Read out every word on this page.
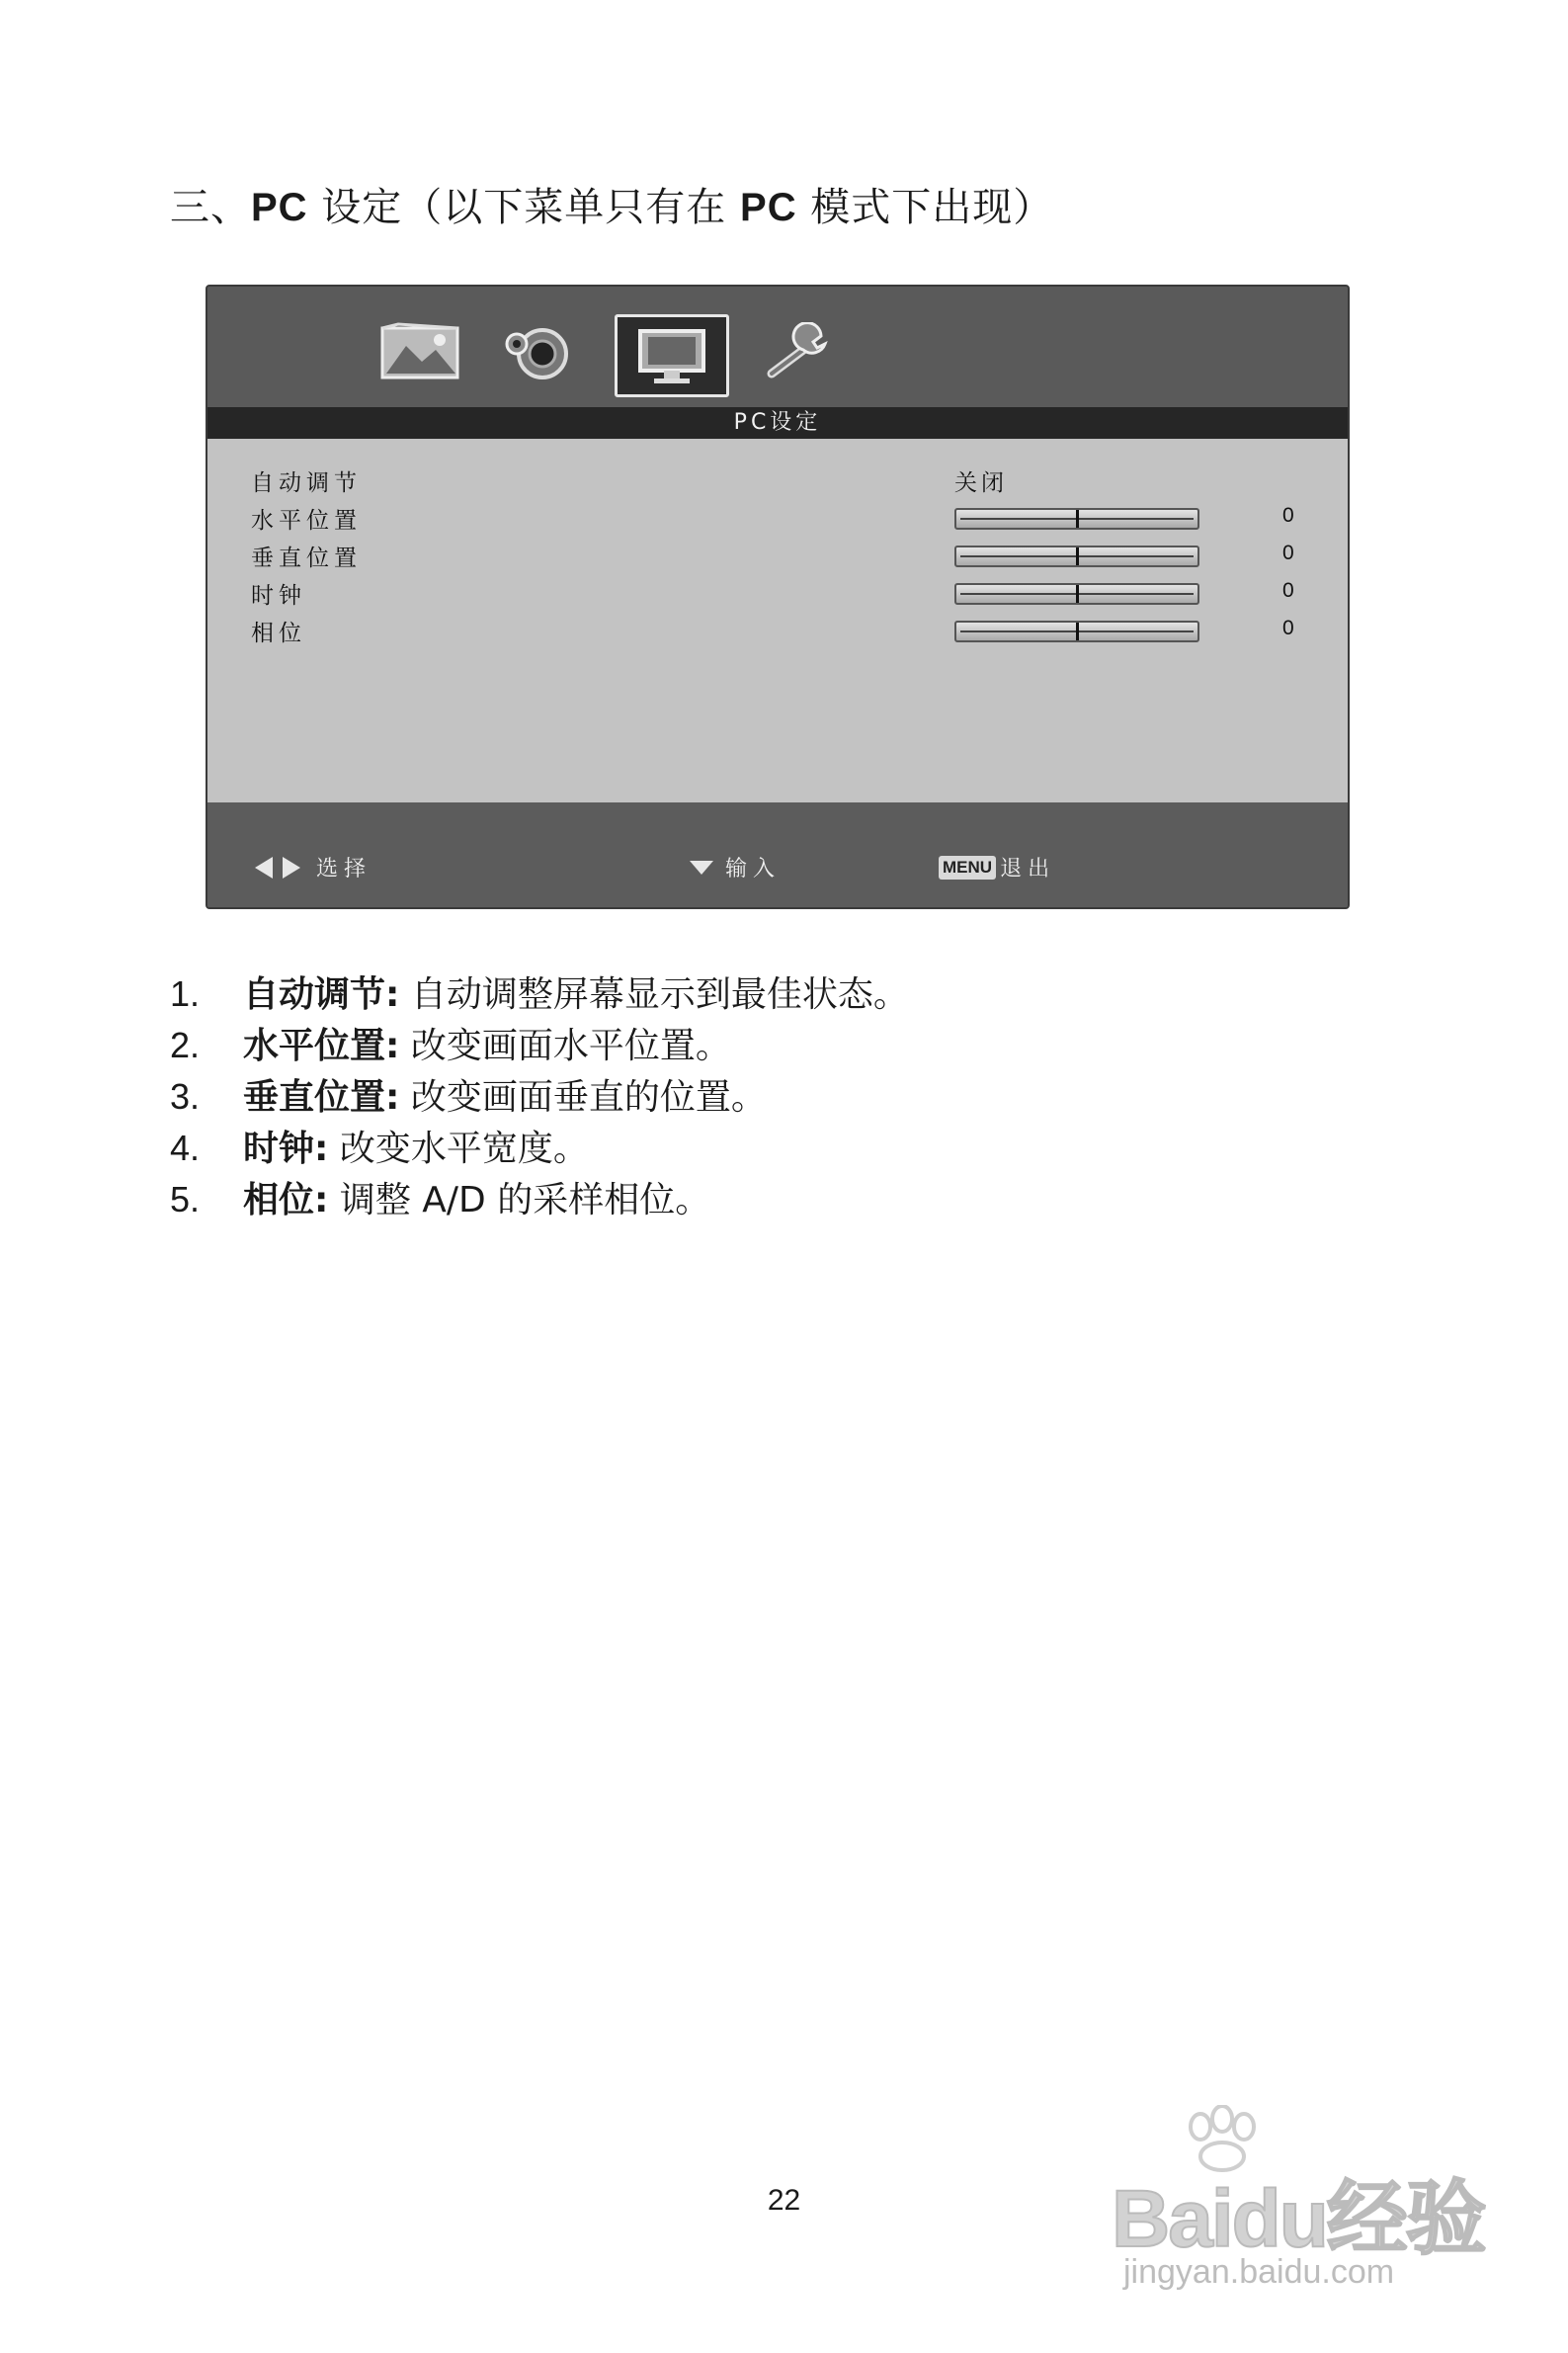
三、PC 设定（以下菜单只有在 PC 模式下出现）
PC设定
自动调节	关闭
水平位置	0
垂直位置	0
时钟	0
相位	0
选择	输入	MENU 退出
1. 自动调节: 自动调整屏幕显示到最佳状态。
2. 水平位置: 改变画面水平位置。
3. 垂直位置: 改变画面垂直的位置。
4. 时钟: 改变水平宽度。
5. 相位: 调整 A/D 的采样相位。
22	Baidu经验
jingyan.baidu.com
